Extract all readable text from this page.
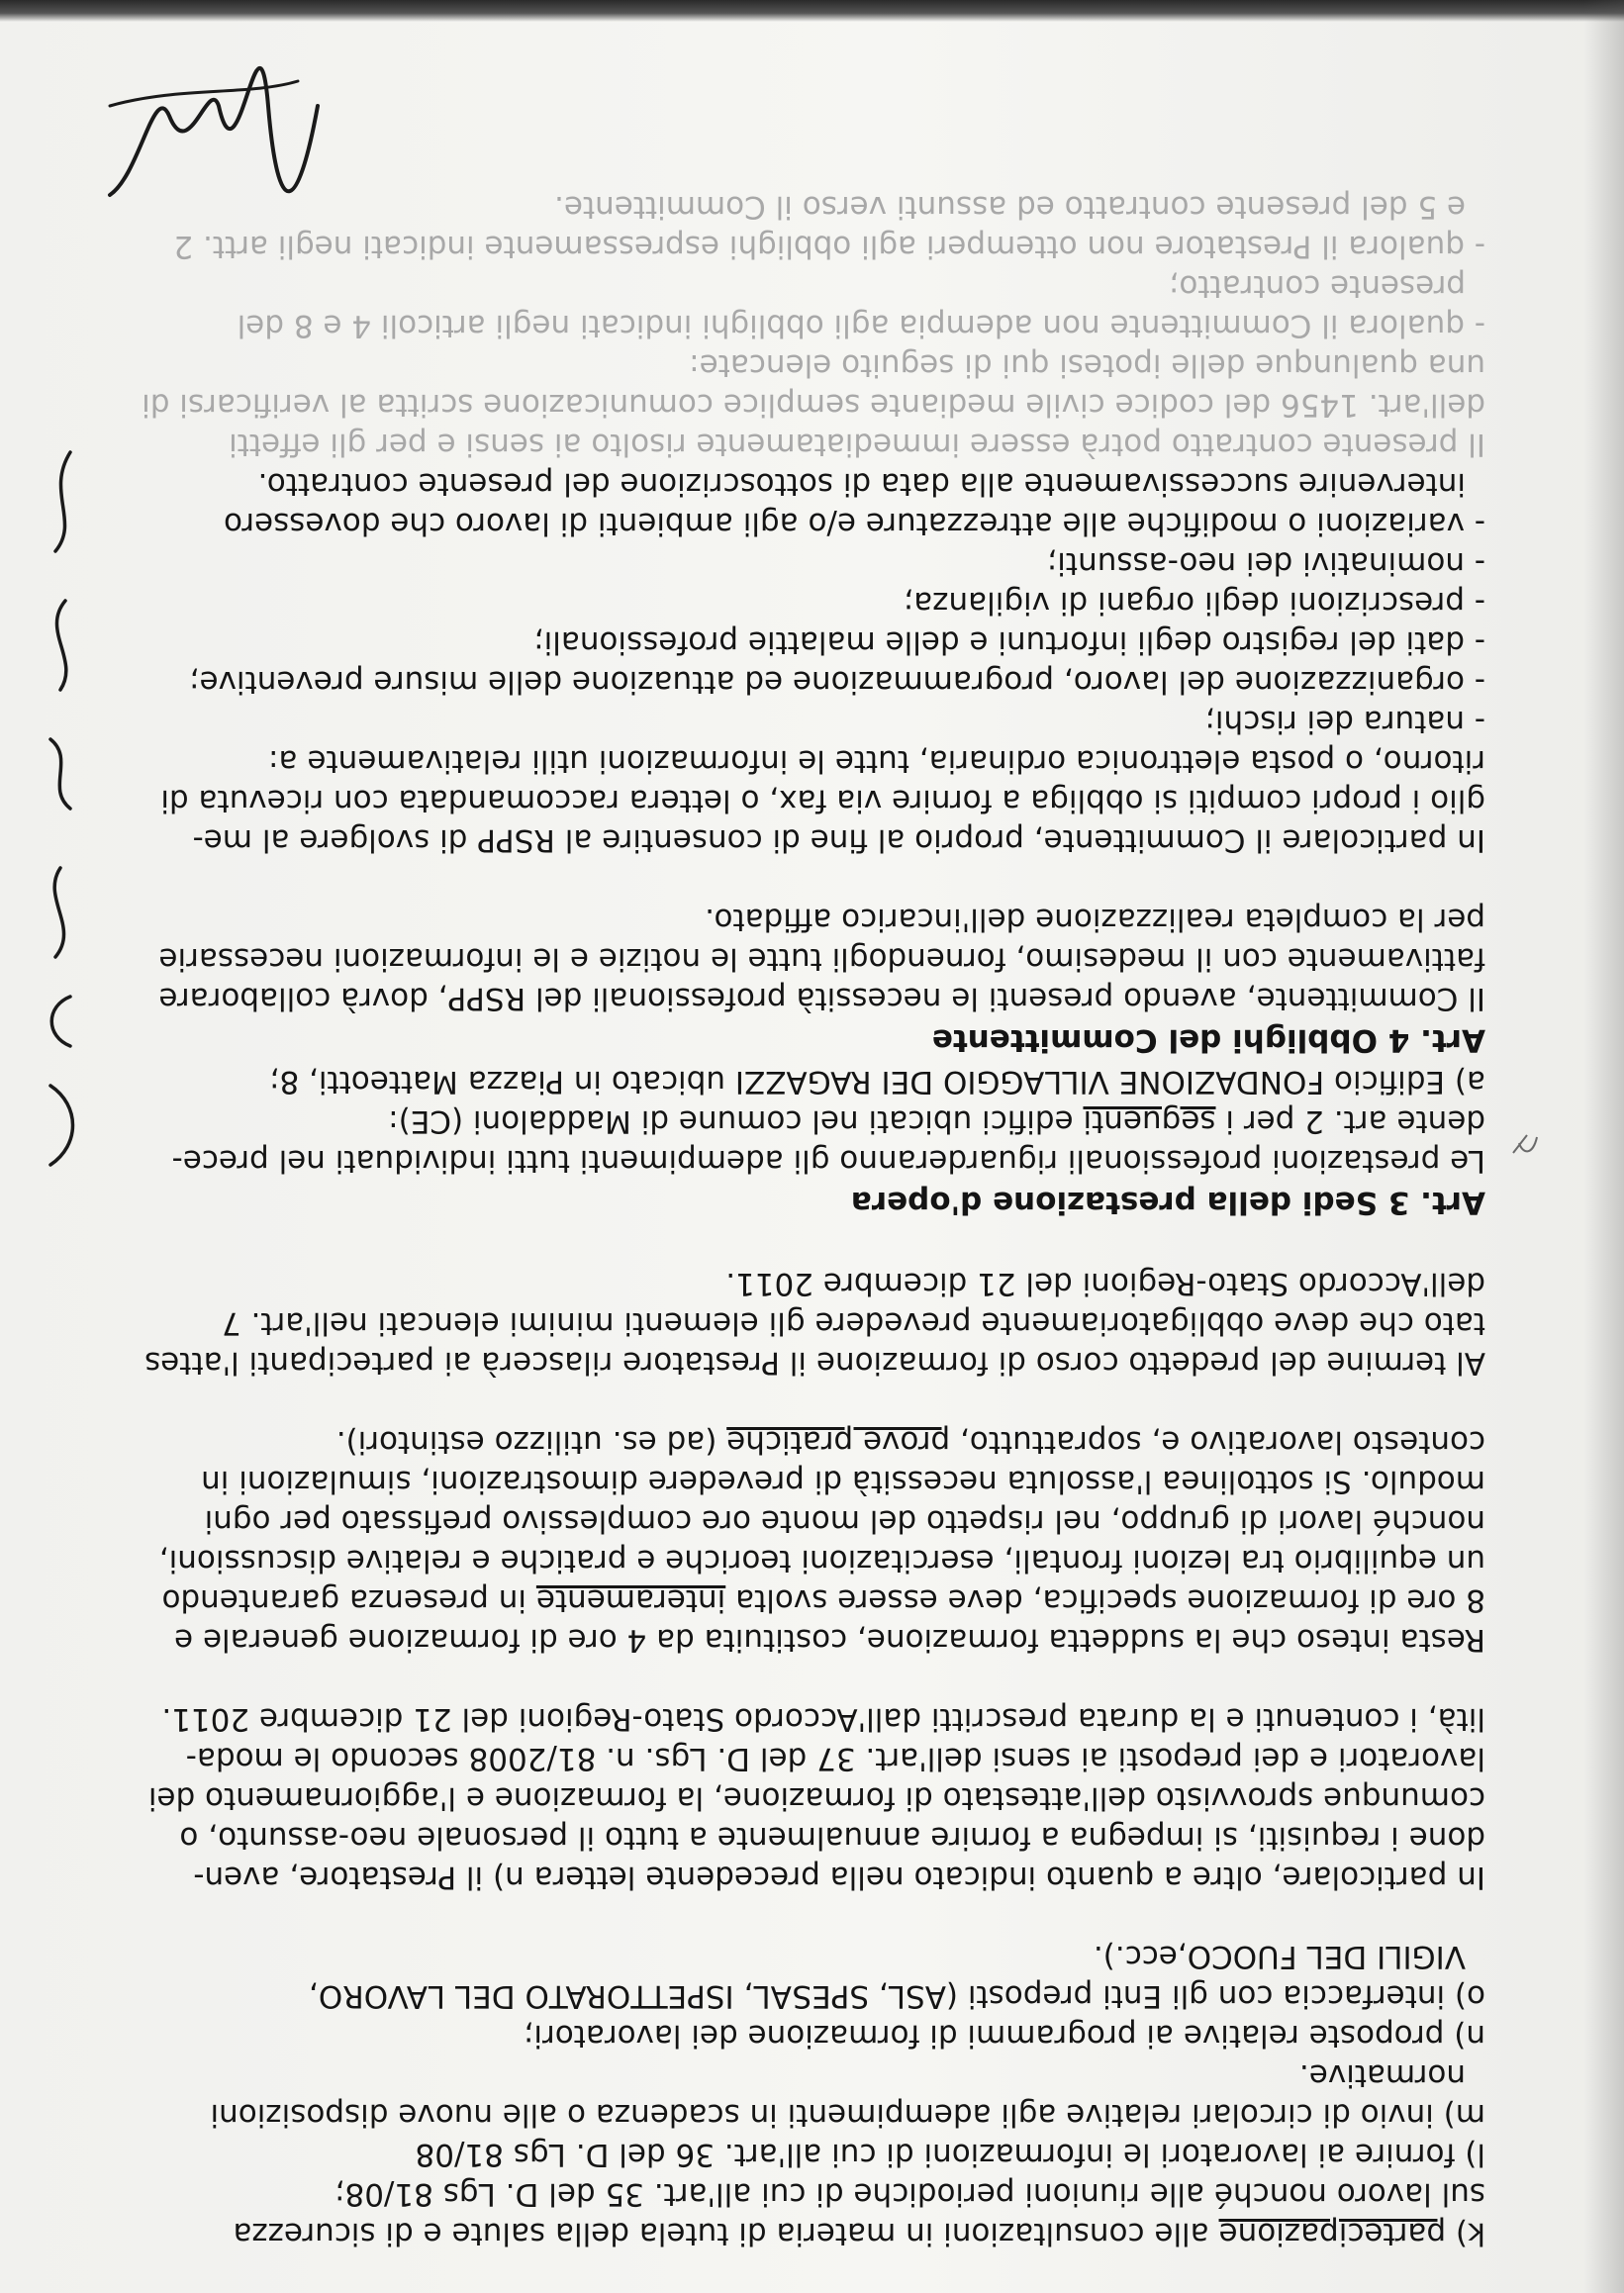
k) partecipazione alle consultazioni in materia di tutela della salute e di sicurezza
sul lavoro nonché alle riunioni periodiche di cui all'art. 35 del D. Lgs 81/08;
l) fornire ai lavoratori le informazioni di cui all'art. 36 del D. Lgs 81/08
m) invio di circolari relative agli adempimenti in scadenza o alle nuove disposizioni
normative.
n) proposte relative ai programmi di formazione dei lavoratori;
o) interfaccia con gli Enti preposti (ASL, SPESAL, ISPETTORATO DEL LAVORO,
VIGILI DEL FUOCO,ecc.).
In particolare, oltre a quanto indicato nella precedente lettera n) il Prestatore, aven-
done i requisiti, si impegna a fornire annualmente a tutto il personale neo-assunto, o
comunque sprovvisto dell'attestato di formazione, la formazione e l'aggiornamento dei
lavoratori e dei preposti ai sensi dell'art. 37 del D. Lgs. n. 81/2008 secondo le moda-
lità, i contenuti e la durata prescritti dall'Accordo Stato-Regioni del 21 dicembre 2011.
Resta inteso che la suddetta formazione, costituita da 4 ore di formazione generale e
8 ore di formazione specifica, deve essere svolta interamente in presenza garantendo
un equilibrio tra lezioni frontali, esercitazioni teoriche e pratiche e relative discussioni,
nonché lavori di gruppo, nel rispetto del monte ore complessivo prefissato per ogni
modulo. Si sottolinea l'assoluta necessità di prevedere dimostrazioni, simulazioni in
contesto lavorativo e, soprattutto, prove pratiche (ad es. utilizzo estintori).
Al termine del predetto corso di formazione il Prestatore rilascerà ai partecipanti l'attes
tato che deve obbligatoriamente prevedere gli elementi minimi elencati nell'art. 7
dell'Accordo Stato-Regioni del 21 dicembre 2011.
Art. 3 Sedi della prestazione d'opera
Le prestazioni professionali riguarderanno gli adempimenti tutti individuati nel prece-
dente art. 2 per i seguenti edifici ubicati nel comune di Maddaloni (CE):
a) Edificio FONDAZIONE VILLAGGIO DEI RAGAZZI ubicato in Piazza Matteotti, 8;
Art. 4 Obblighi del Committente
Il Committente, avendo presenti le necessità professionali del RSPP, dovrà collaborare
fattivamente con il medesimo, fornendogli tutte le notizie e le informazioni necessarie
per la completa realizzazione dell'incarico affidato.
In particolare il Committente, proprio al fine di consentire al RSPP di svolgere al me-
glio i propri compiti si obbliga a fornire via fax, o lettera raccomandata con ricevuta di
ritorno, o posta elettronica ordinaria, tutte le informazioni utili relativamente a:
- natura dei rischi;
- organizzazione del lavoro, programmazione ed attuazione delle misure preventive;
- dati del registro degli infortuni e delle malattie professionali;
- prescrizioni degli organi di vigilanza;
- nominativi dei neo-assunti;
- variazioni o modifiche alle attrezzature e/o agli ambienti di lavoro che dovessero
intervenire successivamente alla data di sottoscrizione del presente contratto.
Il presente contratto potrà essere immediatamente risolto ai sensi e per gli effetti
dell'art. 1456 del codice civile mediante semplice comunicazione scritta al verificarsi di
una qualunque delle ipotesi qui di seguito elencate:
- qualora il Committente non adempia agli obblighi indicati negli articoli 4 e 8 del
presente contratto;
- qualora il Prestatore non ottemperi agli obblighi espressamente indicati negli artt. 2
e 5 del presente contratto ed assunti verso il Committente.
